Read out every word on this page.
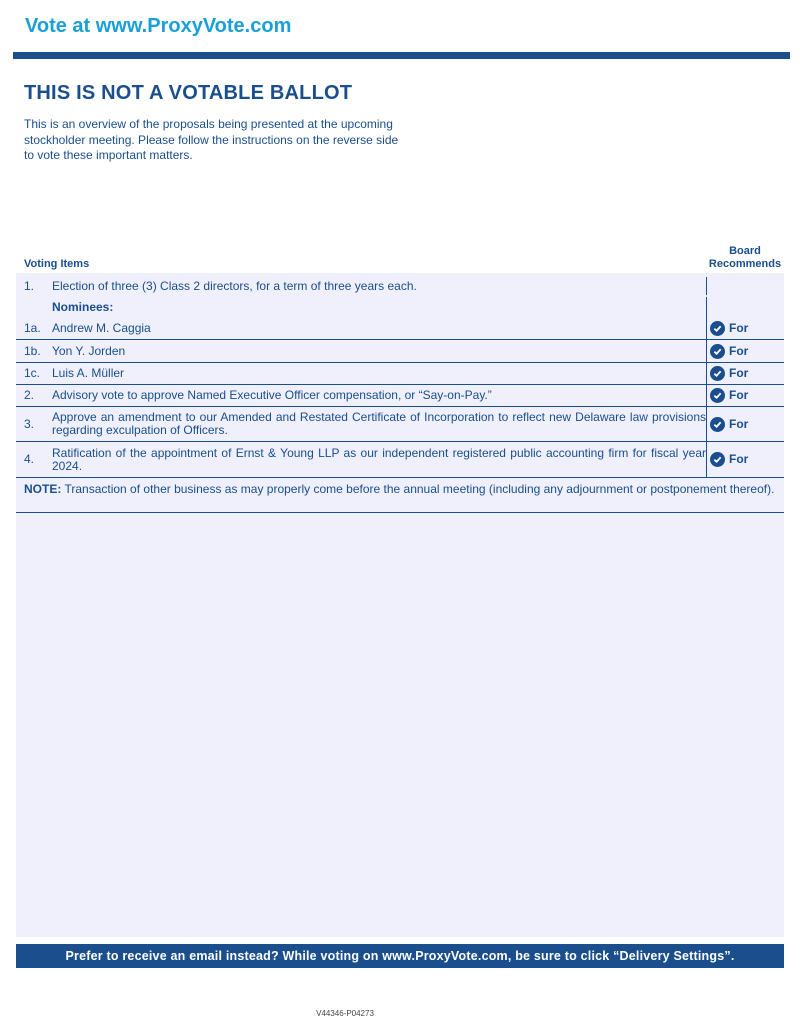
Vote at www.ProxyVote.com
THIS IS NOT A VOTABLE BALLOT
This is an overview of the proposals being presented at the upcoming stockholder meeting. Please follow the instructions on the reverse side to vote these important matters.
Voting Items
Board Recommends
1.	Election of three (3) Class 2 directors, for a term of three years each.
Nominees:
1a. Andrew M. Caggia	For
1b. Yon Y. Jorden	For
1c. Luis A. Müller	For
2.	Advisory vote to approve Named Executive Officer compensation, or “Say-on-Pay.”	For
3.	Approve an amendment to our Amended and Restated Certificate of Incorporation to reflect new Delaware law provisions regarding exculpation of Officers.	For
4.	Ratification of the appointment of Ernst & Young LLP as our independent registered public accounting firm for fiscal year 2024.	For
NOTE: Transaction of other business as may properly come before the annual meeting (including any adjournment or postponement thereof).
Prefer to receive an email instead? While voting on www.ProxyVote.com, be sure to click “Delivery Settings”.
V44346-P04273
